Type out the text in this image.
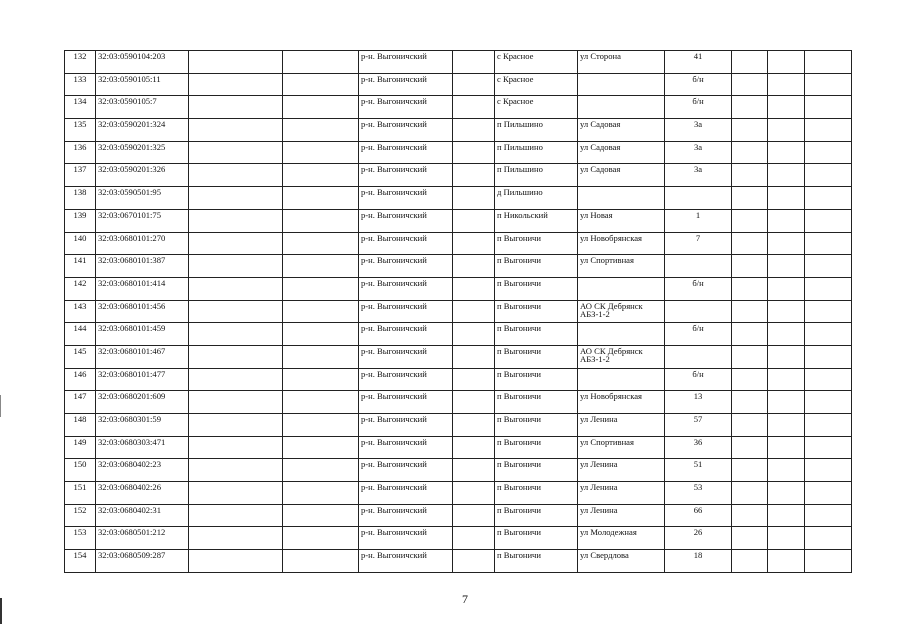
132	32:03:0590104:203			р-н. Выгоничский		с Красное	ул Сторона	41			
133	32:03:0590105:11			р-н. Выгоничский		с Красное		б/н			
134	32:03:0590105:7			р-н. Выгоничский		с Красное		б/н			
135	32:03:0590201:324			р-н. Выгоничский		п Пильшино	ул Садовая	3а			
136	32:03:0590201:325			р-н. Выгоничский		п Пильшино	ул Садовая	3а			
137	32:03:0590201:326			р-н. Выгоничский		п Пильшино	ул Садовая	3а			
138	32:03:0590501:95			р-н. Выгоничский		д Пильшино					
139	32:03:0670101:75			р-н. Выгоничский		п Никольский	ул Новая	1			
140	32:03:0680101:270			р-н. Выгоничский		п Выгоничи	ул Новобрянская	7			
141	32:03:0680101:387			р-н. Выгоничский		п Выгоничи	ул Спортивная				
142	32:03:0680101:414			р-н. Выгоничский		п Выгоничи		б/н			
143	32:03:0680101:456			р-н. Выгоничский		п Выгоничи	АО СК Дебрянск АБЗ-1-2				
144	32:03:0680101:459			р-н. Выгоничский		п Выгоничи		б/н			
145	32:03:0680101:467			р-н. Выгоничский		п Выгоничи	АО СК Дебрянск АБЗ-1-2				
146	32:03:0680101:477			р-н. Выгоничский		п Выгоничи		б/н			
147	32:03:0680201:609			р-н. Выгоничский		п Выгоничи	ул Новобрянская	13			
148	32:03:0680301:59			р-н. Выгоничский		п Выгоничи	ул Ленина	57			
149	32:03:0680303:471			р-н. Выгоничский		п Выгоничи	ул Спортивная	36			
150	32:03:0680402:23			р-н. Выгоничский		п Выгоничи	ул Ленина	51			
151	32:03:0680402:26			р-н. Выгоничский		п Выгоничи	ул Ленина	53			
152	32:03:0680402:31			р-н. Выгоничский		п Выгоничи	ул Ленина	66			
153	32:03:0680501:212			р-н. Выгоничский		п Выгоничи	ул Молодежная	26			
154	32:03:0680509:287			р-н. Выгоничский		п Выгоничи	ул Свердлова	18			
7
